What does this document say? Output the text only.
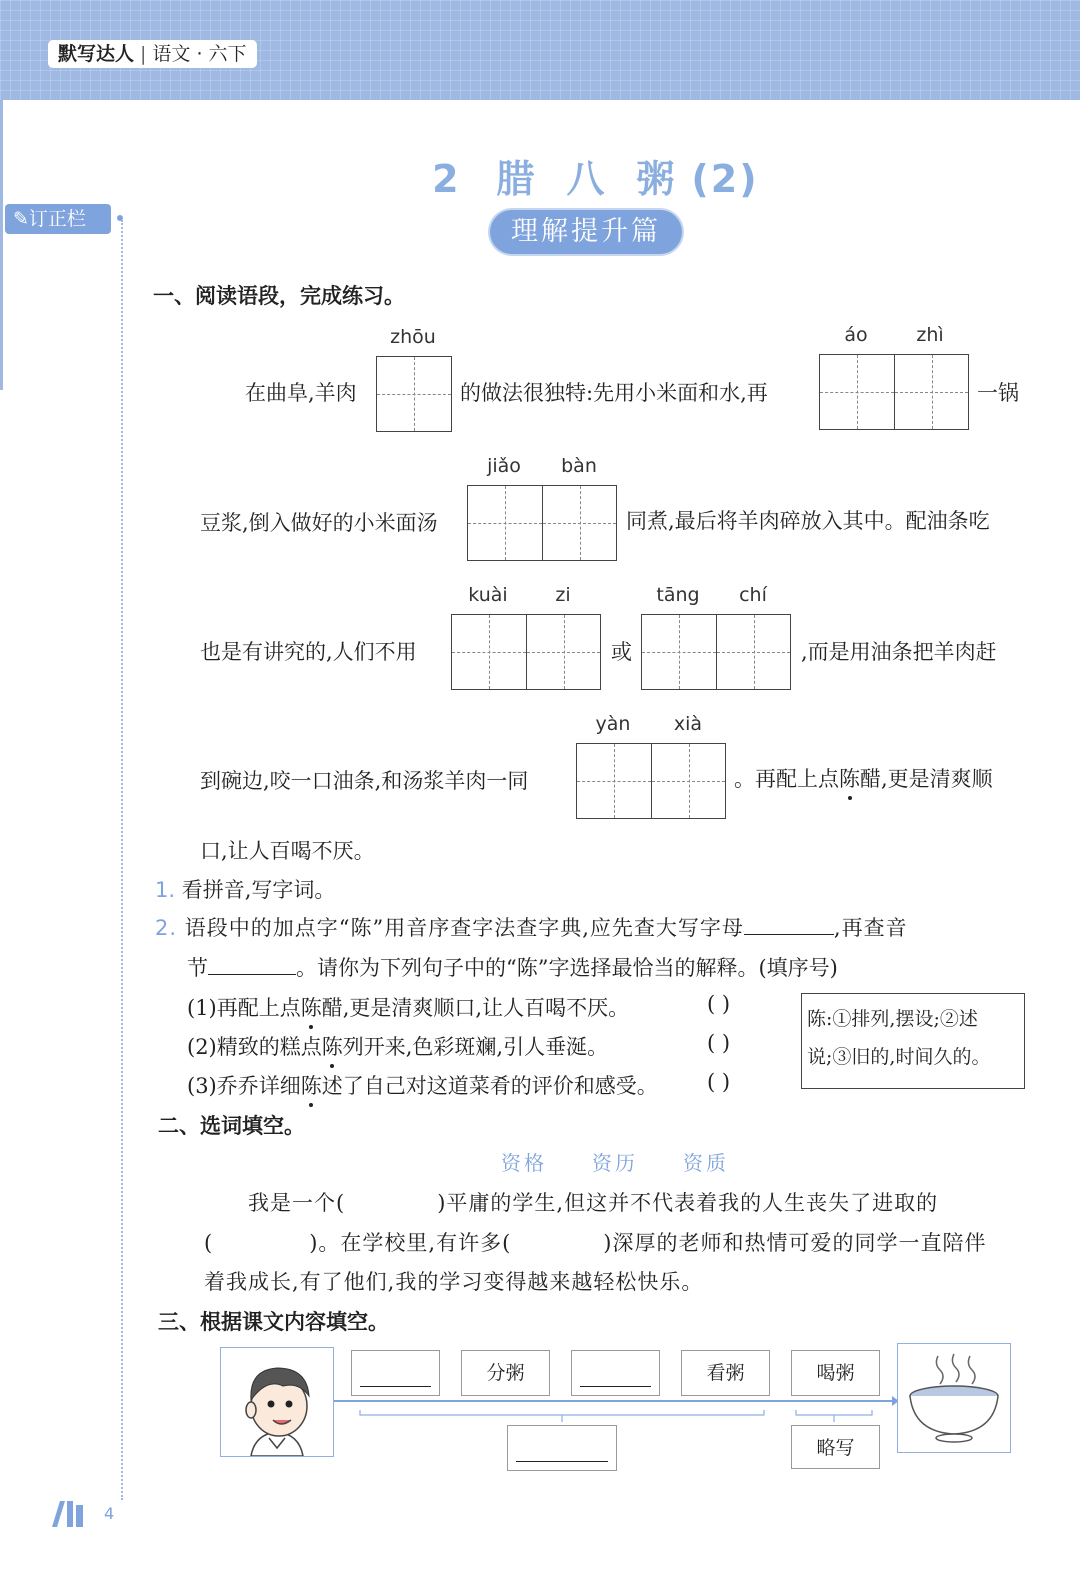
默写达人 | 语文 · 六下
✎订正栏
2 腊 八 粥 (2)
理解提升篇
一、阅读语段，完成练习。
zhōu	áo	zhì
在曲阜,羊肉	的做法很独特:先用小米面和水,再	一锅
jiǎo	bàn
豆浆,倒入做好的小米面汤	同煮,最后将羊肉碎放入其中。配油条吃
kuài	zi	tāng	chí
也是有讲究的,人们不用	或	,而是用油条把羊肉赶
yàn	xià
到碗边,咬一口油条,和汤浆羊肉一同	。再配上点陈醋,更是清爽顺
口,让人百喝不厌。
1. 看拼音,写字词。
2. 语段中的加点字“陈”用音序查字法查字典,应先查大写字母	,再查音
节	。请你为下列句子中的“陈”字选择最恰当的解释。(填序号)
(1)再配上点陈醋,更是清爽顺口,让人百喝不厌。	( )
(2)精致的糕点陈列开来,色彩斑斓,引人垂涎。	( )
(3)乔乔详细陈述了自己对这道菜肴的评价和感受。 ( )
陈:①排列,摆设;②述
说;③旧的,时间久的。
二、选词填空。
资格 资历 资质
我是一个(	)平庸的学生,但这并不代表着我的人生丧失了进取的
(	)。在学校里,有许多(	)深厚的老师和热情可爱的同学一直陪伴
着我成长,有了他们,我的学习变得越来越轻松快乐。
三、根据课文内容填空。
分粥	看粥	喝粥
略写
4
